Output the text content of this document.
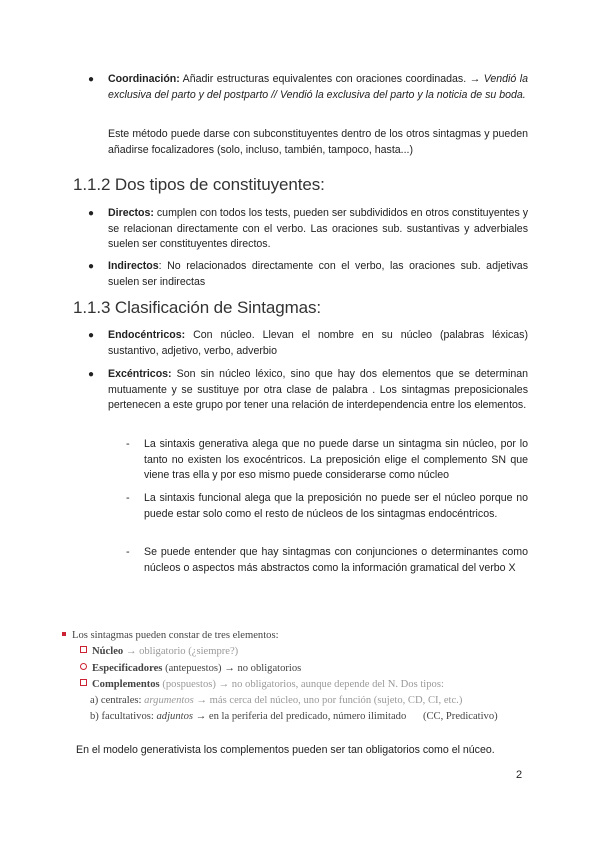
● Coordinación: Añadir estructuras equivalentes con oraciones coordinadas. → Vendió la exclusiva del parto y del postparto // Vendió la exclusiva del parto y la noticia de su boda.
Este método puede darse con subconstituyentes dentro de los otros sintagmas y pueden añadirse focalizadores (solo, incluso, también, tampoco, hasta...)
1.1.2 Dos tipos de constituyentes:
● Directos: cumplen con todos los tests, pueden ser subdivididos en otros constituyentes y se relacionan directamente con el verbo. Las oraciones sub. sustantivas y adverbiales suelen ser constituyentes directos.
● Indirectos: No relacionados directamente con el verbo, las oraciones sub. adjetivas suelen ser indirectas
1.1.3 Clasificación de Sintagmas:
● Endocéntricos: Con núcleo. Llevan el nombre en su núcleo (palabras léxicas) sustantivo, adjetivo, verbo, adverbio
● Excéntricos: Son sin núcleo léxico, sino que hay dos elementos que se determinan mutuamente y se sustituye por otra clase de palabra . Los sintagmas preposicionales pertenecen a este grupo por tener una relación de interdependencia entre los elementos.
- La sintaxis generativa alega que no puede darse un sintagma sin núcleo, por lo tanto no existen los exocéntricos. La preposición elige el complemento SN que viene tras ella y por eso mismo puede considerarse como núcleo
- La sintaxis funcional alega que la preposición no puede ser el núcleo porque no puede estar solo como el resto de núcleos de los sintagmas endocéntricos.
- Se puede entender que hay sintagmas con conjunciones o determinantes como núcleos o aspectos más abstractos como la información gramatical del verbo X
Los sintagmas pueden constar de tres elementos:
Núcleo → obligatorio (¿siempre?)
Especificadores (antepuestos) → no obligatorios
Complementos (pospuestos) → no obligatorios, aunque depende del N. Dos tipos:
a) centrales: argumentos → más cerca del núcleo, uno por función (sujeto, CD, CI, etc.)
b) facultativos: adjuntos → en la periferia del predicado, número ilimitado (CC, Predicativo)
En el modelo generativista los complementos pueden ser tan obligatorios como el núceo.
2
